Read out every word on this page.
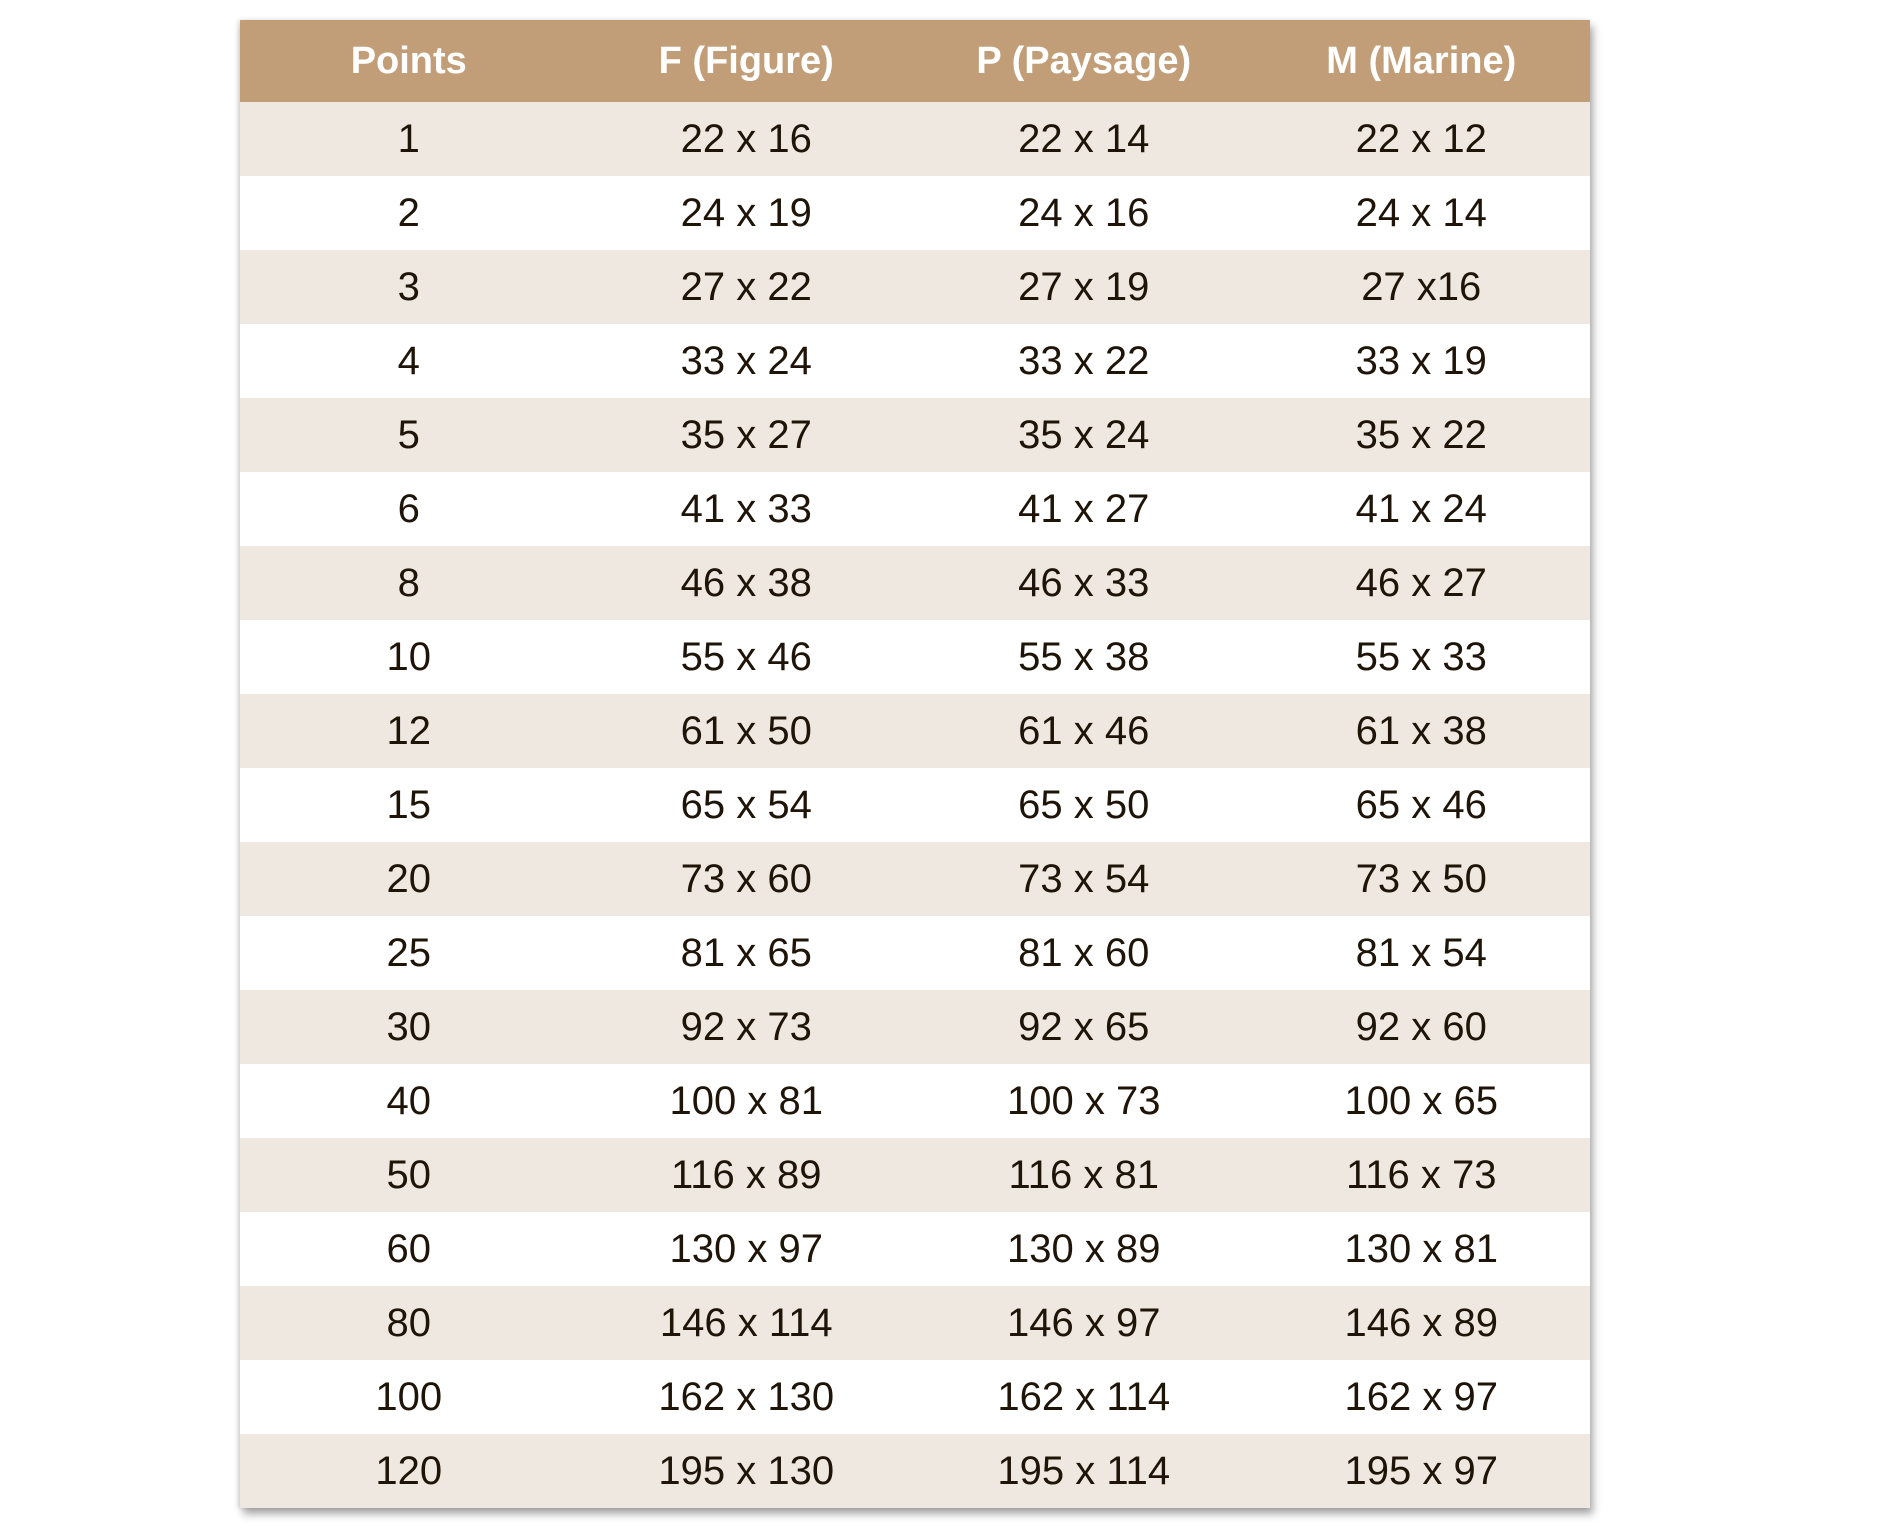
Points	F (Figure)	P (Paysage)	M (Marine)
1	22 x 16	22 x 14	22 x 12
2	24 x 19	24 x 16	24 x 14
3	27 x 22	27 x 19	27 x16
4	33 x 24	33 x 22	33 x 19
5	35 x 27	35 x 24	35 x 22
6	41 x 33	41 x 27	41 x 24
8	46 x 38	46 x 33	46 x 27
10	55 x 46	55 x 38	55 x 33
12	61 x 50	61 x 46	61 x 38
15	65 x 54	65 x 50	65 x 46
20	73 x 60	73 x 54	73 x 50
25	81 x 65	81 x 60	81 x 54
30	92 x 73	92 x 65	92 x 60
40	100 x 81	100 x 73	100 x 65
50	116 x 89	116 x 81	116 x 73
60	130 x 97	130 x 89	130 x 81
80	146 x 114	146 x 97	146 x 89
100	162 x 130	162 x 114	162 x 97
120	195 x 130	195 x 114	195 x 97
